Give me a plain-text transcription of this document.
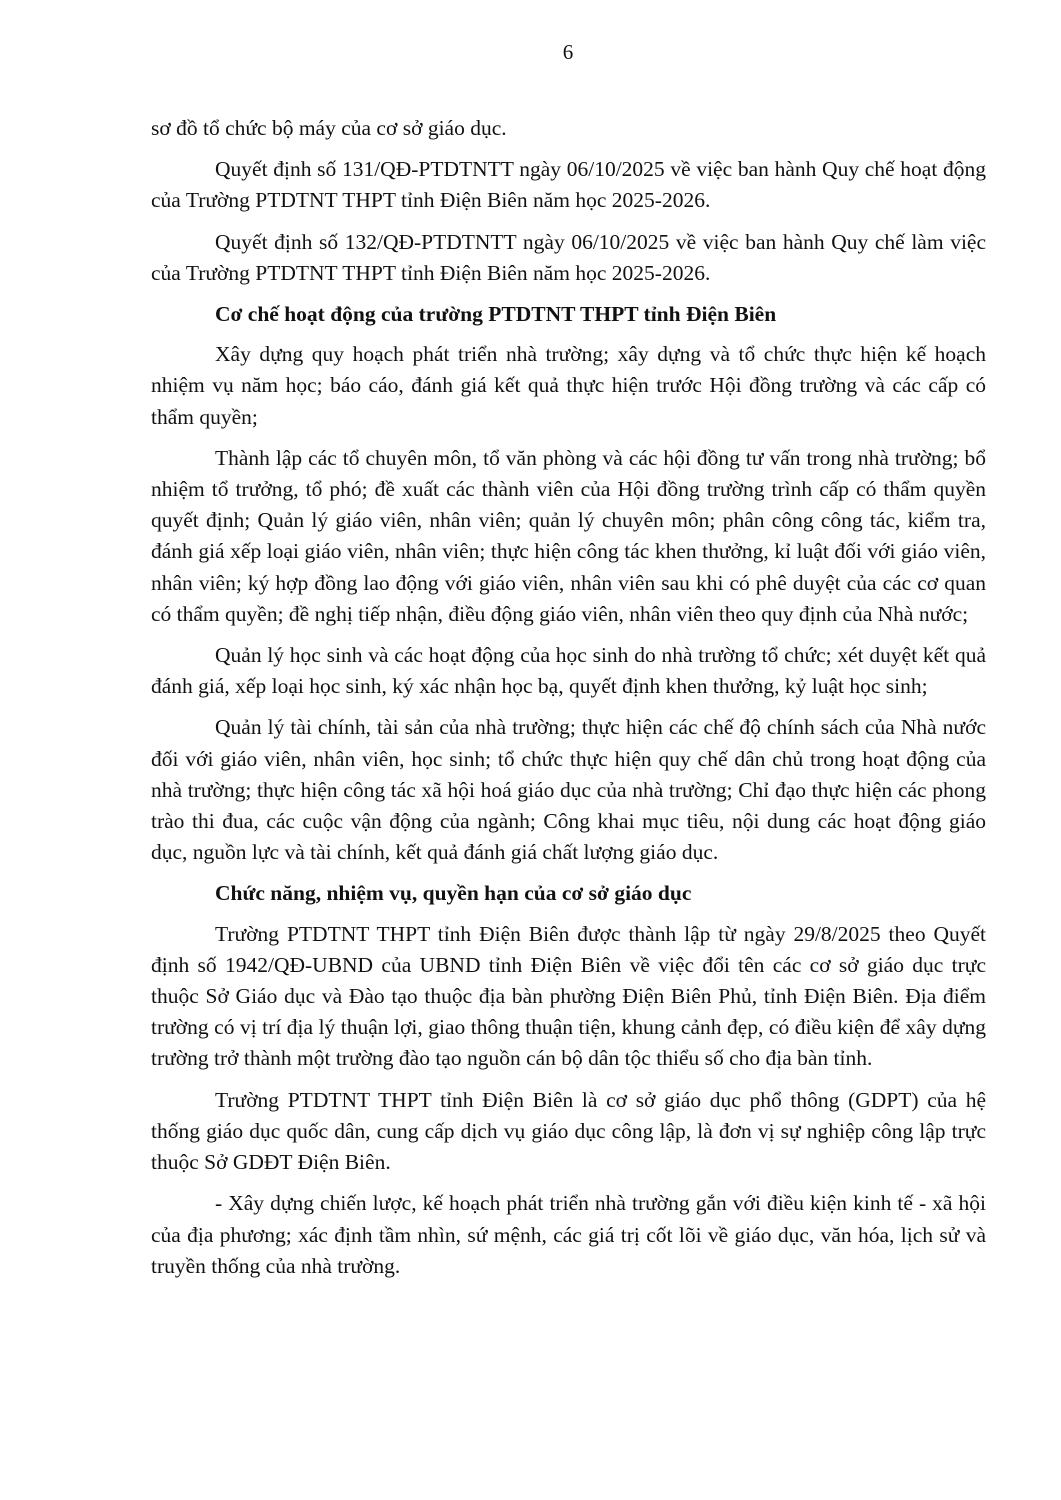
6

sơ đồ tổ chức bộ máy của cơ sở giáo dục.

Quyết định số 131/QĐ-PTDTNTT ngày 06/10/2025 về việc ban hành Quy chế hoạt động của Trường PTDTNT THPT tỉnh Điện Biên năm học 2025-2026.

Quyết định số 132/QĐ-PTDTNTT ngày 06/10/2025 về việc ban hành Quy chế làm việc của Trường PTDTNT THPT tỉnh Điện Biên năm học 2025-2026.

Cơ chế hoạt động của trường PTDTNT THPT tỉnh Điện Biên

Xây dựng quy hoạch phát triển nhà trường; xây dựng và tổ chức thực hiện kế hoạch nhiệm vụ năm học; báo cáo, đánh giá kết quả thực hiện trước Hội đồng trường và các cấp có thẩm quyền;

Thành lập các tổ chuyên môn, tổ văn phòng và các hội đồng tư vấn trong nhà trường; bổ nhiệm tổ trưởng, tổ phó; đề xuất các thành viên của Hội đồng trường trình cấp có thẩm quyền quyết định; Quản lý giáo viên, nhân viên; quản lý chuyên môn; phân công công tác, kiểm tra, đánh giá xếp loại giáo viên, nhân viên; thực hiện công tác khen thưởng, kỉ luật đối với giáo viên, nhân viên; ký hợp đồng lao động với giáo viên, nhân viên sau khi có phê duyệt của các cơ quan có thẩm quyền; đề nghị tiếp nhận, điều động giáo viên, nhân viên theo quy định của Nhà nước;

Quản lý học sinh và các hoạt động của học sinh do nhà trường tổ chức; xét duyệt kết quả đánh giá, xếp loại học sinh, ký xác nhận học bạ, quyết định khen thưởng, kỷ luật học sinh;

Quản lý tài chính, tài sản của nhà trường; thực hiện các chế độ chính sách của Nhà nước đối với giáo viên, nhân viên, học sinh; tổ chức thực hiện quy chế dân chủ trong hoạt động của nhà trường; thực hiện công tác xã hội hoá giáo dục của nhà trường; Chỉ đạo thực hiện các phong trào thi đua, các cuộc vận động của ngành; Công khai mục tiêu, nội dung các hoạt động giáo dục, nguồn lực và tài chính, kết quả đánh giá chất lượng giáo dục.

Chức năng, nhiệm vụ, quyền hạn của cơ sở giáo dục

Trường PTDTNT THPT tỉnh Điện Biên được thành lập từ ngày 29/8/2025 theo Quyết định số 1942/QĐ-UBND của UBND tỉnh Điện Biên về việc đổi tên các cơ sở giáo dục trực thuộc Sở Giáo dục và Đào tạo thuộc địa bàn phường Điện Biên Phủ, tỉnh Điện Biên. Địa điểm trường có vị trí địa lý thuận lợi, giao thông thuận tiện, khung cảnh đẹp, có điều kiện để xây dựng trường trở thành một trường đào tạo nguồn cán bộ dân tộc thiểu số cho địa bàn tỉnh.

Trường PTDTNT THPT tỉnh Điện Biên là cơ sở giáo dục phổ thông (GDPT) của hệ thống giáo dục quốc dân, cung cấp dịch vụ giáo dục công lập, là đơn vị sự nghiệp công lập trực thuộc Sở GDĐT Điện Biên.

- Xây dựng chiến lược, kế hoạch phát triển nhà trường gắn với điều kiện kinh tế - xã hội của địa phương; xác định tầm nhìn, sứ mệnh, các giá trị cốt lõi về giáo dục, văn hóa, lịch sử và truyền thống của nhà trường.
